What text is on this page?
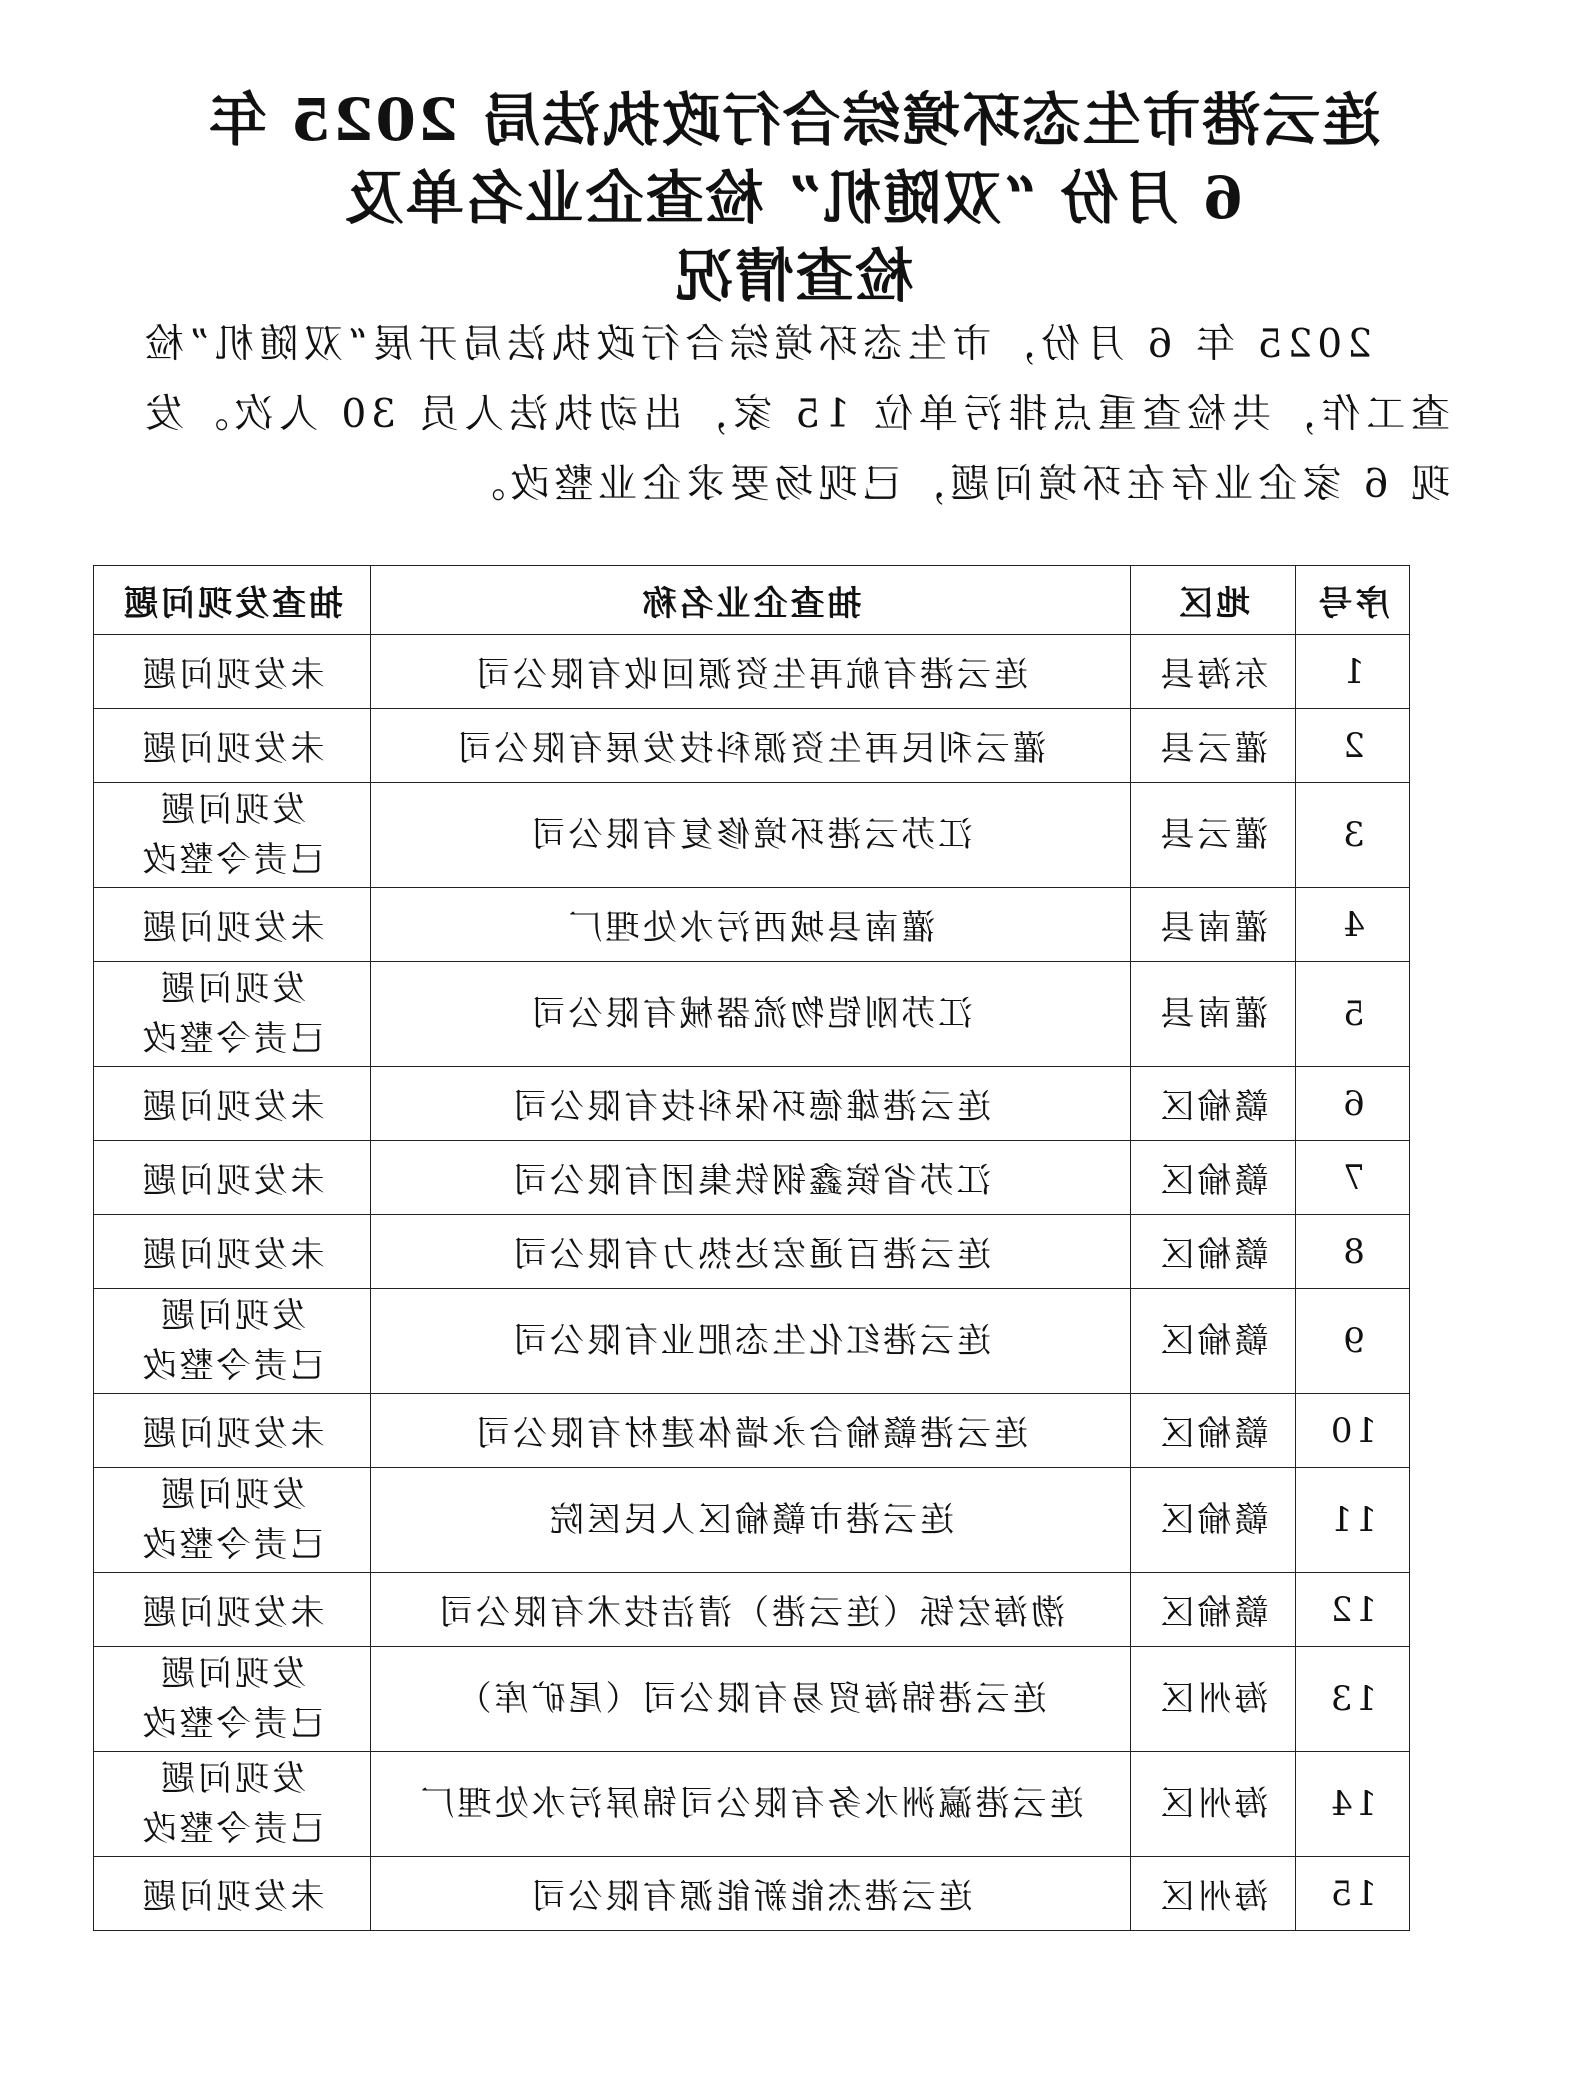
连云港市生态环境综合行政执法局 2025 年
6 月份 “双随机” 检查企业名单及
检查情况

2025 年 6 月份，市生态环境综合行政执法局开展“双随机”检查工作，共检查重点排污单位 15 家，出动执法人员 30 人次。发现 6 家企业存在环境问题，已现场要求企业整改。

序号	地区	抽查企业名称	抽查发现问题
1	东海县	连云港有航再生资源回收有限公司	未发现问题

2	灌云县	灌云利民再生资源科技发展有限公司	未发现问题

3	灌云县	江苏云港环境修复有限公司	发现问题
已责令整改

4	灌南县	灌南县城西污水处理厂	未发现问题

5	灌南县	江苏刚铠物流器械有限公司	发现问题
已责令整改

6	赣榆区	连云港雄德环保科技有限公司	未发现问题

7	赣榆区	江苏省镔鑫钢铁集团有限公司	未发现问题

8	赣榆区	连云港百通宏达热力有限公司	未发现问题

9	赣榆区	连云港红化生态肥业有限公司	发现问题
已责令整改

10	赣榆区	连云港赣榆合永墙体建材有限公司	未发现问题

11	赣榆区	连云港市赣榆区人民医院	发现问题
已责令整改

12	赣榆区	渤海宏铄（连云港）清洁技术有限公司	未发现问题

13	海州区	连云港锦海贸易有限公司（尾矿库）	发现问题
已责令整改

14	海州区	连云港瀛洲水务有限公司锦屏污水处理厂	发现问题
已责令整改

15	海州区	连云港杰能新能源有限公司	未发现问题
